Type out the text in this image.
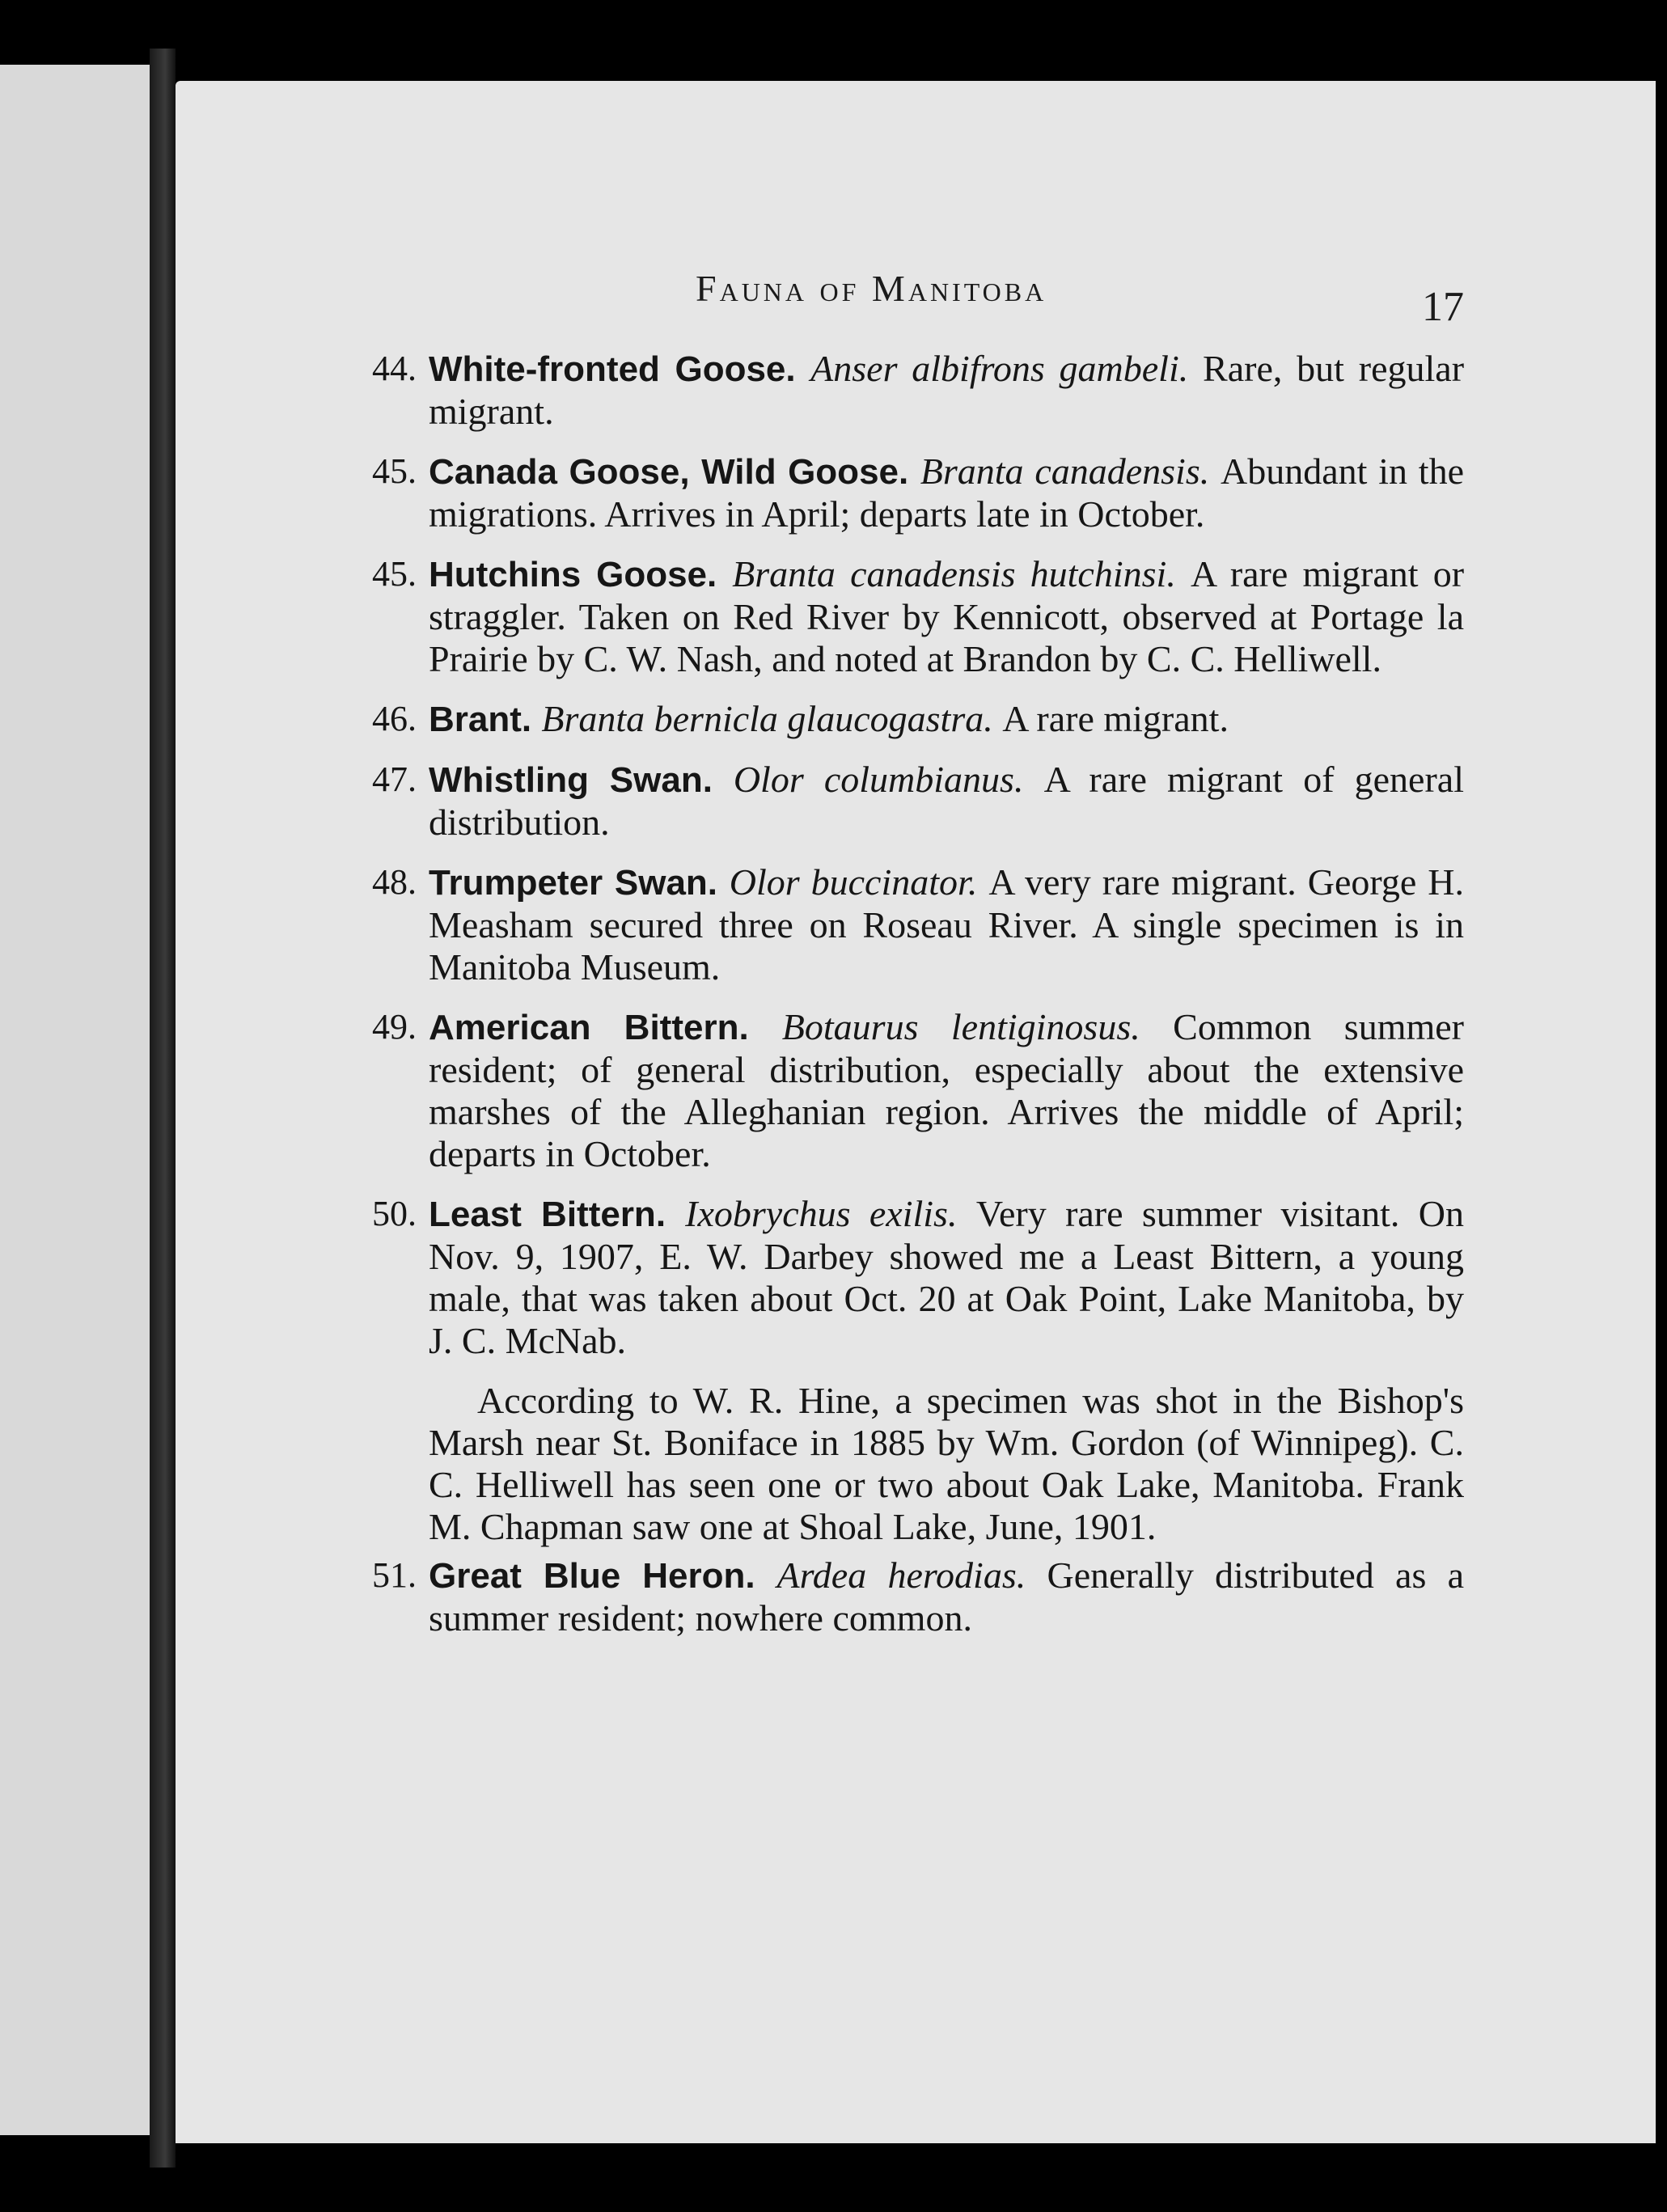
Fauna of Manitoba	17
44. White-fronted Goose. Anser albifrons gambeli. Rare, but regular migrant.
45. Canada Goose, Wild Goose. Branta canadensis. Abundant in the migrations. Arrives in April; departs late in October.
45. Hutchins Goose. Branta canadensis hutchinsi. A rare migrant or straggler. Taken on Red River by Kennicott, observed at Portage la Prairie by C. W. Nash, and noted at Brandon by C. C. Helliwell.
46. Brant. Branta bernicla glaucogastra. A rare migrant.
47. Whistling Swan. Olor columbianus. A rare migrant of general distribution.
48. Trumpeter Swan. Olor buccinator. A very rare migrant. George H. Measham secured three on Roseau River. A single specimen is in Manitoba Museum.
49. American Bittern. Botaurus lentiginosus. Common summer resident; of general distribution, especially about the extensive marshes of the Alleghanian region. Arrives the middle of April; departs in October.
50. Least Bittern. Ixobrychus exilis. Very rare summer visitant. On Nov. 9, 1907, E. W. Darbey showed me a Least Bittern, a young male, that was taken about Oct. 20 at Oak Point, Lake Manitoba, by J. C. McNab.
According to W. R. Hine, a specimen was shot in the Bishop's Marsh near St. Boniface in 1885 by Wm. Gordon (of Winnipeg). C. C. Helliwell has seen one or two about Oak Lake, Manitoba. Frank M. Chapman saw one at Shoal Lake, June, 1901.
51. Great Blue Heron. Ardea herodias. Generally distributed as a summer resident; nowhere common.
